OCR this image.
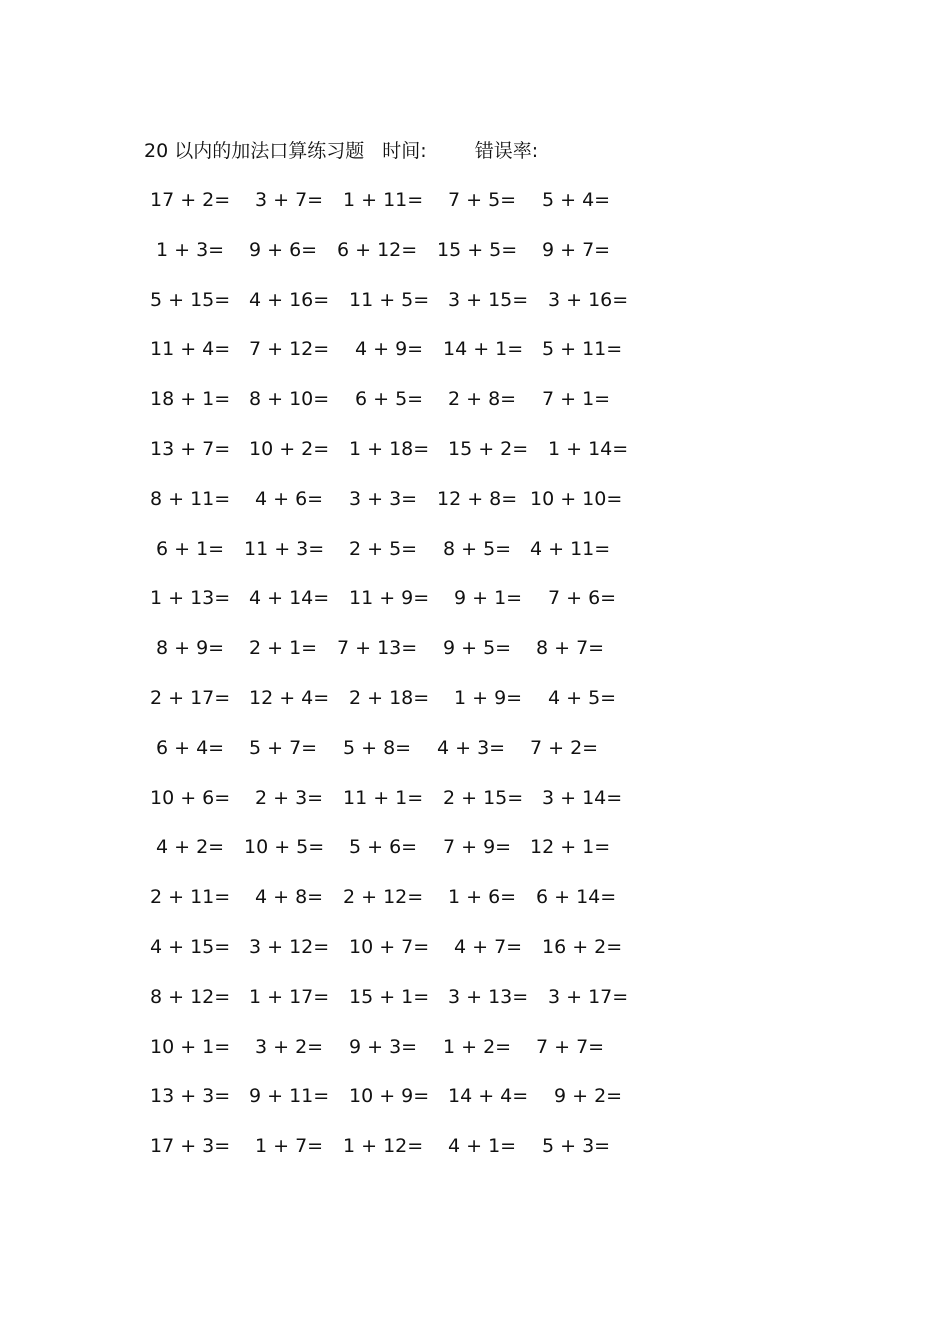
20 以内的加法口算练习题 时间:	错误率:
17 + 2= 3 + 7= 1 + 11= 7 + 5= 5 + 4=
1 + 3= 9 + 6= 6 + 12= 15 + 5= 9 + 7=
5 + 15= 4 + 16= 11 + 5= 3 + 15= 3 + 16=
11 + 4= 7 + 12= 4 + 9= 14 + 1= 5 + 11=
18 + 1= 8 + 10= 6 + 5= 2 + 8= 7 + 1=
13 + 7= 10 + 2= 1 + 18= 15 + 2= 1 + 14=
8 + 11= 4 + 6= 3 + 3= 12 + 8= 10 + 10=
6 + 1= 11 + 3= 2 + 5= 8 + 5= 4 + 11=
1 + 13= 4 + 14= 11 + 9= 9 + 1= 7 + 6=
8 + 9= 2 + 1= 7 + 13= 9 + 5= 8 + 7=
2 + 17= 12 + 4= 2 + 18= 1 + 9= 4 + 5=
6 + 4= 5 + 7= 5 + 8= 4 + 3= 7 + 2=
10 + 6= 2 + 3= 11 + 1= 2 + 15= 3 + 14=
4 + 2= 10 + 5= 5 + 6= 7 + 9= 12 + 1=
2 + 11= 4 + 8= 2 + 12= 1 + 6= 6 + 14=
4 + 15= 3 + 12= 10 + 7= 4 + 7= 16 + 2=
8 + 12= 1 + 17= 15 + 1= 3 + 13= 3 + 17=
10 + 1= 3 + 2= 9 + 3= 1 + 2= 7 + 7=
13 + 3= 9 + 11= 10 + 9= 14 + 4= 9 + 2=
17 + 3= 1 + 7= 1 + 12= 4 + 1= 5 + 3=
